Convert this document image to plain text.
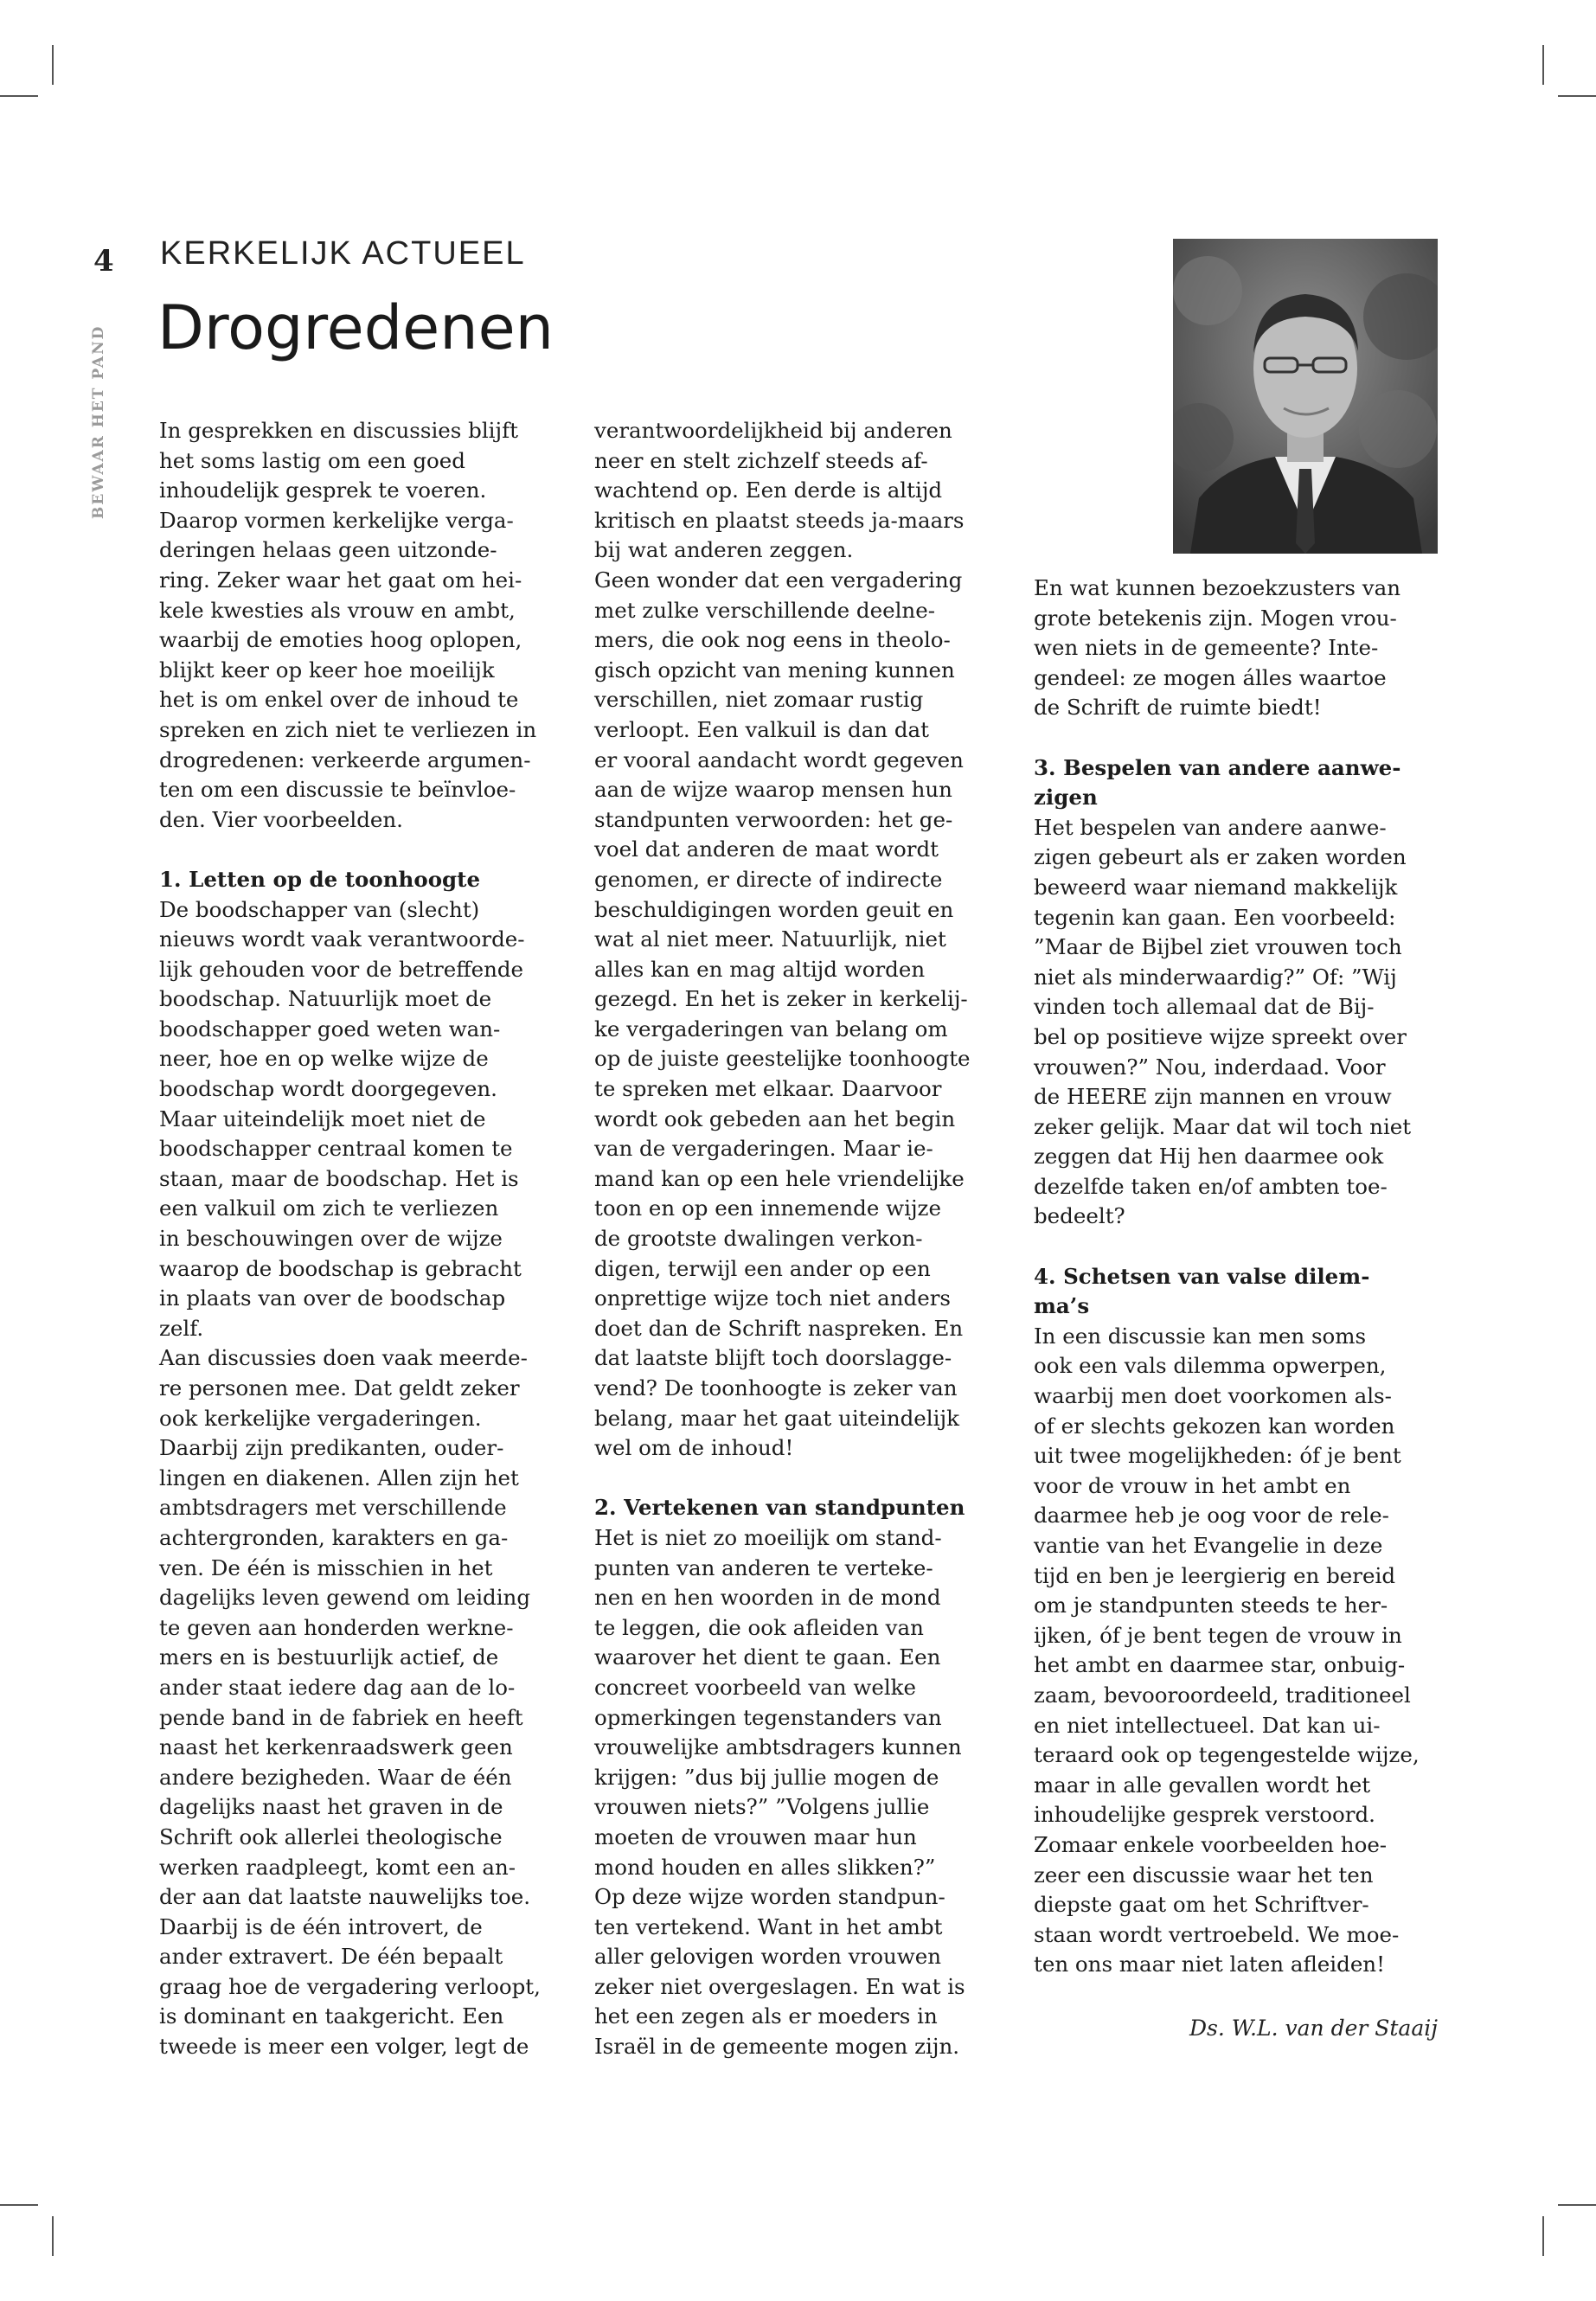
4
BEWAAR HET PAND
KERKELIJK ACTUEEL
Drogredenen

In gesprekken en discussies blijft

het soms lastig om een goed

inhoudelijk gesprek te voeren.

Daarop vormen kerkelijke verga-

deringen helaas geen uitzonde-

ring. Zeker waar het gaat om hei-

kele kwesties als vrouw en ambt,

waarbij de emoties hoog oplopen,

blijkt keer op keer hoe moeilijk

het is om enkel over de inhoud te

spreken en zich niet te verliezen in

drogredenen: verkeerde argumen-

ten om een discussie te beïnvloe-

den. Vier voorbeelden.

1. Letten op de toonhoogte

De boodschapper van (slecht)

nieuws wordt vaak verantwoorde-

lijk gehouden voor de betreffende

boodschap. Natuurlijk moet de

boodschapper goed weten wan-

neer, hoe en op welke wijze de

boodschap wordt doorgegeven.

Maar uiteindelijk moet niet de

boodschapper centraal komen te

staan, maar de boodschap. Het is

een valkuil om zich te verliezen

in beschouwingen over de wijze

waarop de boodschap is gebracht

in plaats van over de boodschap

zelf.

Aan discussies doen vaak meerde-

re personen mee. Dat geldt zeker

ook kerkelijke vergaderingen.

Daarbij zijn predikanten, ouder-

lingen en diakenen. Allen zijn het

ambtsdragers met verschillende

achtergronden, karakters en ga-

ven. De één is misschien in het

dagelijks leven gewend om leiding

te geven aan honderden werkne-

mers en is bestuurlijk actief, de

ander staat iedere dag aan de lo-

pende band in de fabriek en heeft

naast het kerkenraadswerk geen

andere bezigheden. Waar de één

dagelijks naast het graven in de

Schrift ook allerlei theologische

werken raadpleegt, komt een an-

der aan dat laatste nauwelijks toe.

Daarbij is de één introvert, de

ander extravert. De één bepaalt

graag hoe de vergadering verloopt,

is dominant en taakgericht. Een

tweede is meer een volger, legt de

verantwoordelijkheid bij anderen

neer en stelt zichzelf steeds af-

wachtend op. Een derde is altijd

kritisch en plaatst steeds ja-maars

bij wat anderen zeggen.

Geen wonder dat een vergadering

met zulke verschillende deelne-

mers, die ook nog eens in theolo-

gisch opzicht van mening kunnen

verschillen, niet zomaar rustig

verloopt. Een valkuil is dan dat

er vooral aandacht wordt gegeven

aan de wijze waarop mensen hun

standpunten verwoorden: het ge-

voel dat anderen de maat wordt

genomen, er directe of indirecte

beschuldigingen worden geuit en

wat al niet meer. Natuurlijk, niet

alles kan en mag altijd worden

gezegd. En het is zeker in kerkelij-

ke vergaderingen van belang om

op de juiste geestelijke toonhoogte

te spreken met elkaar. Daarvoor

wordt ook gebeden aan het begin

van de vergaderingen. Maar ie-

mand kan op een hele vriendelijke

toon en op een innemende wijze

de grootste dwalingen verkon-

digen, terwijl een ander op een

onprettige wijze toch niet anders

doet dan de Schrift naspreken. En

dat laatste blijft toch doorslagge-

vend? De toonhoogte is zeker van

belang, maar het gaat uiteindelijk

wel om de inhoud!

2. Vertekenen van standpunten

Het is niet zo moeilijk om stand-

punten van anderen te verteke-

nen en hen woorden in de mond

te leggen, die ook afleiden van

waarover het dient te gaan. Een

concreet voorbeeld van welke

opmerkingen tegenstanders van

vrouwelijke ambtsdragers kunnen

krijgen: ”dus bij jullie mogen de

vrouwen niets?” ”Volgens jullie

moeten de vrouwen maar hun

mond houden en alles slikken?”

Op deze wijze worden standpun-

ten vertekend. Want in het ambt

aller gelovigen worden vrouwen

zeker niet overgeslagen. En wat is

het een zegen als er moeders in

Israël in de gemeente mogen zijn.

En wat kunnen bezoekzusters van

grote betekenis zijn. Mogen vrou-

wen niets in de gemeente? Inte-

gendeel: ze mogen álles waartoe

de Schrift de ruimte biedt!

3. Bespelen van andere aanwe-

zigen

Het bespelen van andere aanwe-

zigen gebeurt als er zaken worden

beweerd waar niemand makkelijk

tegenin kan gaan. Een voorbeeld:

”Maar de Bijbel ziet vrouwen toch

niet als minderwaardig?” Of: ”Wij

vinden toch allemaal dat de Bij-

bel op positieve wijze spreekt over

vrouwen?” Nou, inderdaad. Voor

de HEERE zijn mannen en vrouw

zeker gelijk. Maar dat wil toch niet

zeggen dat Hij hen daarmee ook

dezelfde taken en/of ambten toe-

bedeelt?

4. Schetsen van valse dilem-

ma’s

In een discussie kan men soms

ook een vals dilemma opwerpen,

waarbij men doet voorkomen als-

of er slechts gekozen kan worden

uit twee mogelijkheden: óf je bent

voor de vrouw in het ambt en

daarmee heb je oog voor de rele-

vantie van het Evangelie in deze

tijd en ben je leergierig en bereid

om je standpunten steeds te her-

ijken, óf je bent tegen de vrouw in

het ambt en daarmee star, onbuig-

zaam, bevooroordeeld, traditioneel

en niet intellectueel. Dat kan ui-

teraard ook op tegengestelde wijze,

maar in alle gevallen wordt het

inhoudelijke gesprek verstoord.

Zomaar enkele voorbeelden hoe-

zeer een discussie waar het ten

diepste gaat om het Schriftver-

staan wordt vertroebeld. We moe-

ten ons maar niet laten afleiden!

Ds. W.L. van der Staaij
